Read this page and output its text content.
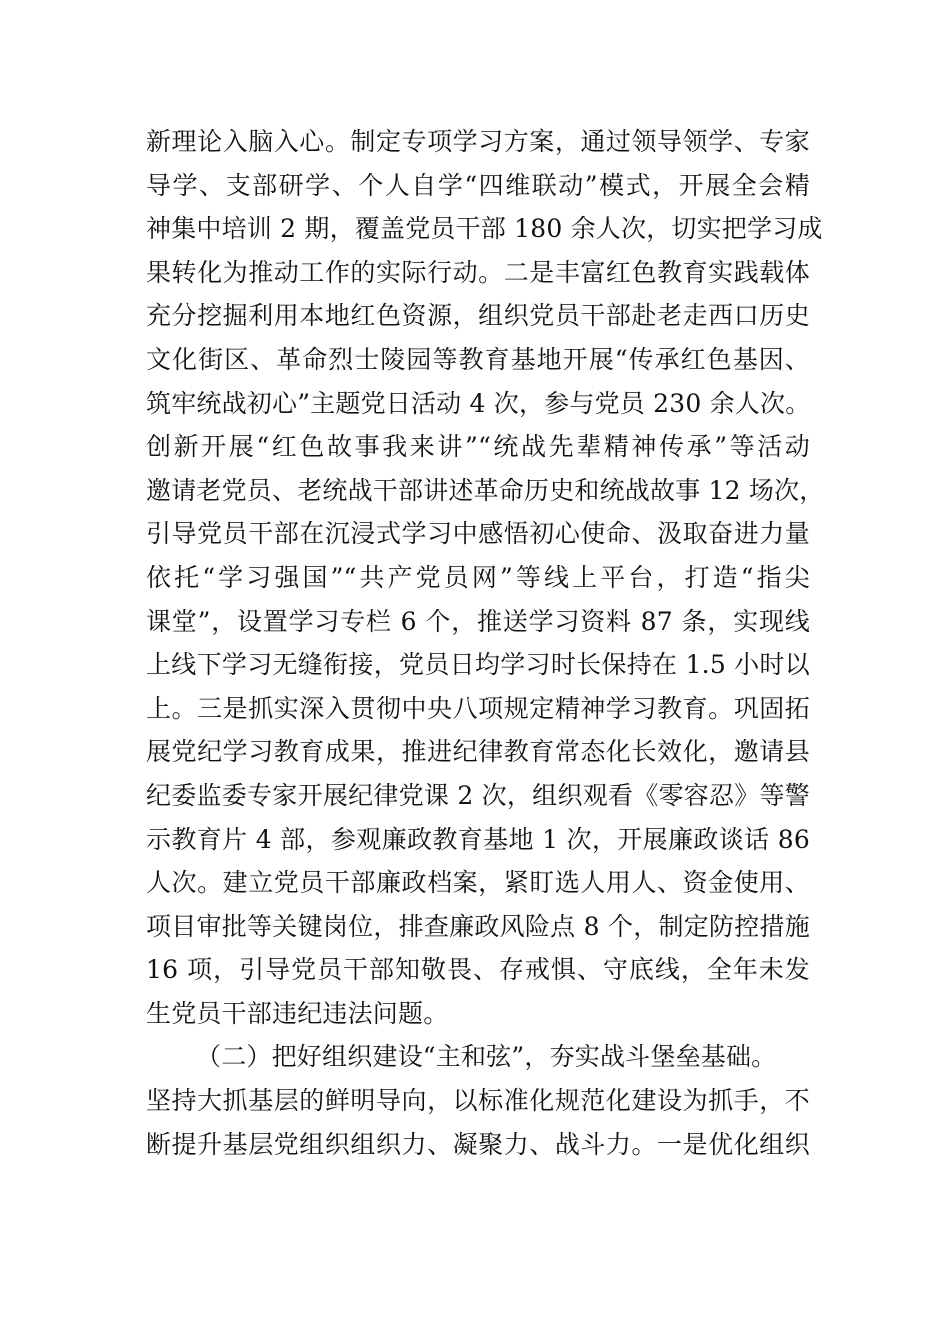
新理论入脑入心。制定专项学习方案，通过领导领学、专家
导学、支部研学、个人自学“四维联动”模式，开展全会精
神集中培训 2 期，覆盖党员干部 180 余人次，切实把学习成
果转化为推动工作的实际行动。二是丰富红色教育实践载体
充分挖掘利用本地红色资源，组织党员干部赴老走西口历史
文化街区、革命烈士陵园等教育基地开展“传承红色基因、
筑牢统战初心”主题党日活动 4 次，参与党员 230 余人次。
创新开展“红色故事我来讲”“统战先辈精神传承”等活动
邀请老党员、老统战干部讲述革命历史和统战故事 12 场次，
引导党员干部在沉浸式学习中感悟初心使命、汲取奋进力量
依托“学习强国”“共产党员网”等线上平台，打造“指尖
课堂”，设置学习专栏 6 个，推送学习资料 87 条，实现线
上线下学习无缝衔接，党员日均学习时长保持在 1.5 小时以
上。三是抓实深入贯彻中央八项规定精神学习教育。巩固拓
展党纪学习教育成果，推进纪律教育常态化长效化，邀请县
纪委监委专家开展纪律党课 2 次，组织观看《零容忍》等警
示教育片 4 部，参观廉政教育基地 1 次，开展廉政谈话 86
人次。建立党员干部廉政档案，紧盯选人用人、资金使用、
项目审批等关键岗位，排查廉政风险点 8 个，制定防控措施
16 项，引导党员干部知敬畏、存戒惧、守底线，全年未发
生党员干部违纪违法问题。
（二）把好组织建设“主和弦”，夯实战斗堡垒基础。
坚持大抓基层的鲜明导向，以标准化规范化建设为抓手，不
断提升基层党组织组织力、凝聚力、战斗力。一是优化组织
